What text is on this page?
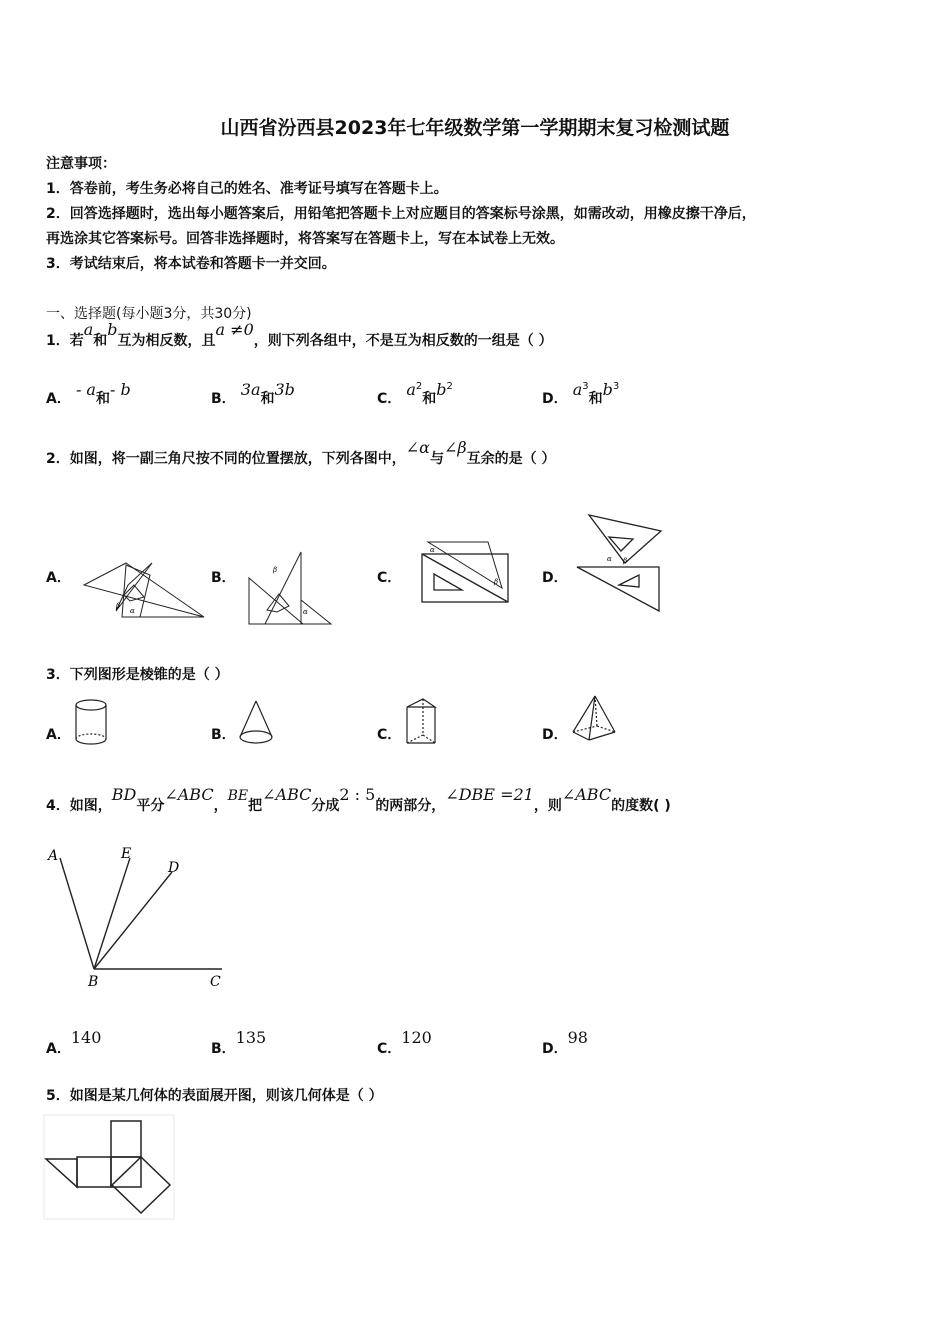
山西省汾西县2023年七年级数学第一学期期末复习检测试题
注意事项：
1．答卷前，考生务必将自己的姓名、准考证号填写在答题卡上。
2．回答选择题时，选出每小题答案后，用铅笔把答题卡上对应题目的答案标号涂黑，如需改动，用橡皮擦干净后，
再选涂其它答案标号。回答非选择题时，将答案写在答题卡上，写在本试卷上无效。
3．考试结束后，将本试卷和答题卡一并交回。
一、选择题(每小题3分，共30分)
1．若a和b互为相反数，且a ≠0，则下列各组中，不是互为相反数的一组是（ ）
A． - a和- b	B． 3a和3b	C． $a^2$和$b^2$
D． $a^3$和$b^3$
2．如图，将一副三角尺按不同的位置摆放，下列各图中，∠α与∠β互余的是（ ）
A．	B．	C．	D．
β
α
β
α
α
β
α β
3．下列图形是棱锥的是（ ）
A．	B．	C．	D．
4．如图，BD平分∠ABC，BE把∠ABC分成2 : 5的两部分，∠DBE =21，则∠ABC的度数( )
A	E
D
B	C
A．140
B．135
C．120
D．98
5．如图是某几何体的表面展开图，则该几何体是（ ）
